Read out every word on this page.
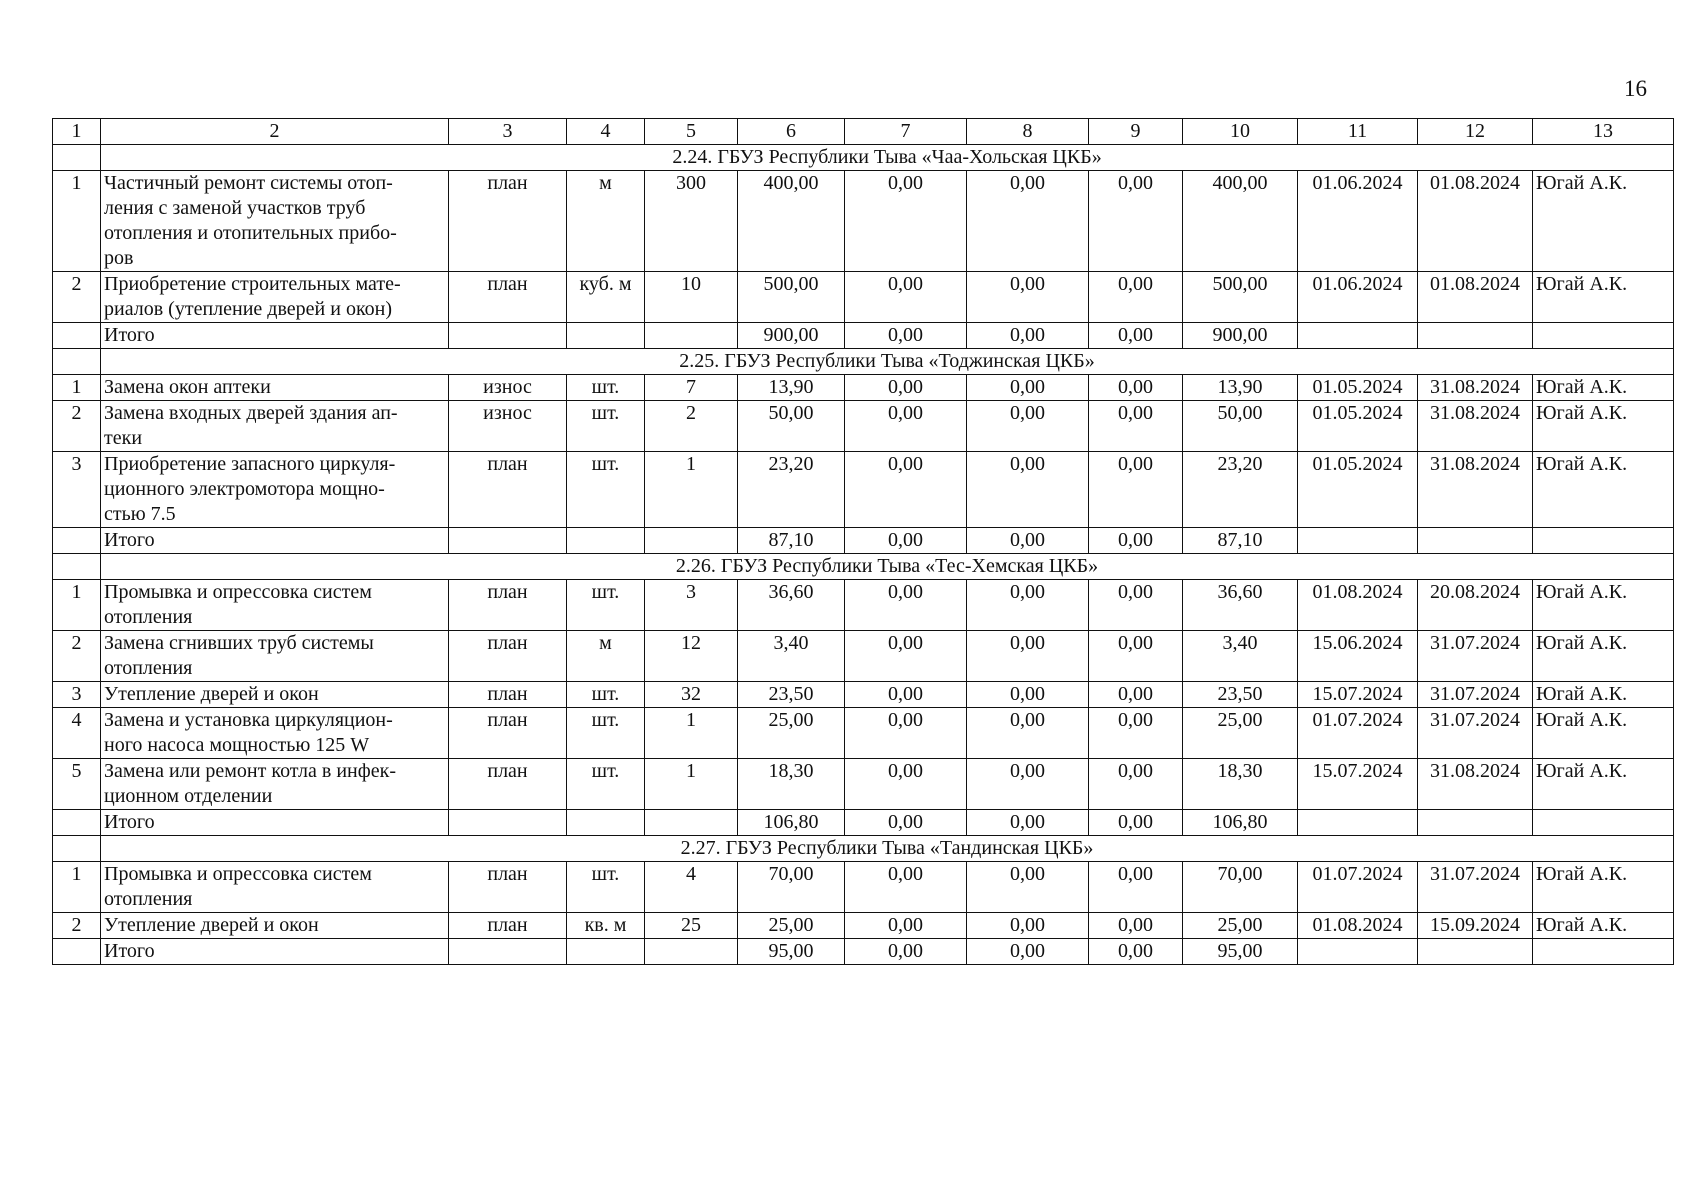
16
1	2	3	4	5	6	7	8	9	10	11	12	13
	2.24. ГБУЗ Республики Тыва «Чаа-Хольская ЦКБ»											
1	Частичный ремонт системы отоп-
ления с заменой участков труб
отопления и отопительных прибо-
ров	план	м	300	400,00	0,00	0,00	0,00	400,00	01.06.2024	01.08.2024	Югай А.К.
2	Приобретение строительных мате-
риалов (утепление дверей и окон)	план	куб. м	10	500,00	0,00	0,00	0,00	500,00	01.06.2024	01.08.2024	Югай А.К.
	Итого				900,00	0,00	0,00	0,00	900,00			
	2.25. ГБУЗ Республики Тыва «Тоджинская ЦКБ»											
1	Замена окон аптеки	износ	шт.	7	13,90	0,00	0,00	0,00	13,90	01.05.2024	31.08.2024	Югай А.К.
2	Замена входных дверей здания ап-
теки	износ	шт.	2	50,00	0,00	0,00	0,00	50,00	01.05.2024	31.08.2024	Югай А.К.
3	Приобретение запасного циркуля-
ционного электромотора мощно-
стью 7.5	план	шт.	1	23,20	0,00	0,00	0,00	23,20	01.05.2024	31.08.2024	Югай А.К.
	Итого				87,10	0,00	0,00	0,00	87,10			
	2.26. ГБУЗ Республики Тыва «Тес-Хемская ЦКБ»											
1	Промывка и опрессовка систем
отопления	план	шт.	3	36,60	0,00	0,00	0,00	36,60	01.08.2024	20.08.2024	Югай А.К.
2	Замена сгнивших труб системы
отопления	план	м	12	3,40	0,00	0,00	0,00	3,40	15.06.2024	31.07.2024	Югай А.К.
3	Утепление дверей и окон	план	шт.	32	23,50	0,00	0,00	0,00	23,50	15.07.2024	31.07.2024	Югай А.К.
4	Замена и установка циркуляцион-
ного насоса мощностью 125 W	план	шт.	1	25,00	0,00	0,00	0,00	25,00	01.07.2024	31.07.2024	Югай А.К.
5	Замена или ремонт котла в инфек-
ционном отделении	план	шт.	1	18,30	0,00	0,00	0,00	18,30	15.07.2024	31.08.2024	Югай А.К.
	Итого				106,80	0,00	0,00	0,00	106,80			
	2.27. ГБУЗ Республики Тыва «Тандинская ЦКБ»											
1	Промывка и опрессовка систем
отопления	план	шт.	4	70,00	0,00	0,00	0,00	70,00	01.07.2024	31.07.2024	Югай А.К.
2	Утепление дверей и окон	план	кв. м	25	25,00	0,00	0,00	0,00	25,00	01.08.2024	15.09.2024	Югай А.К.
	Итого				95,00	0,00	0,00	0,00	95,00			
